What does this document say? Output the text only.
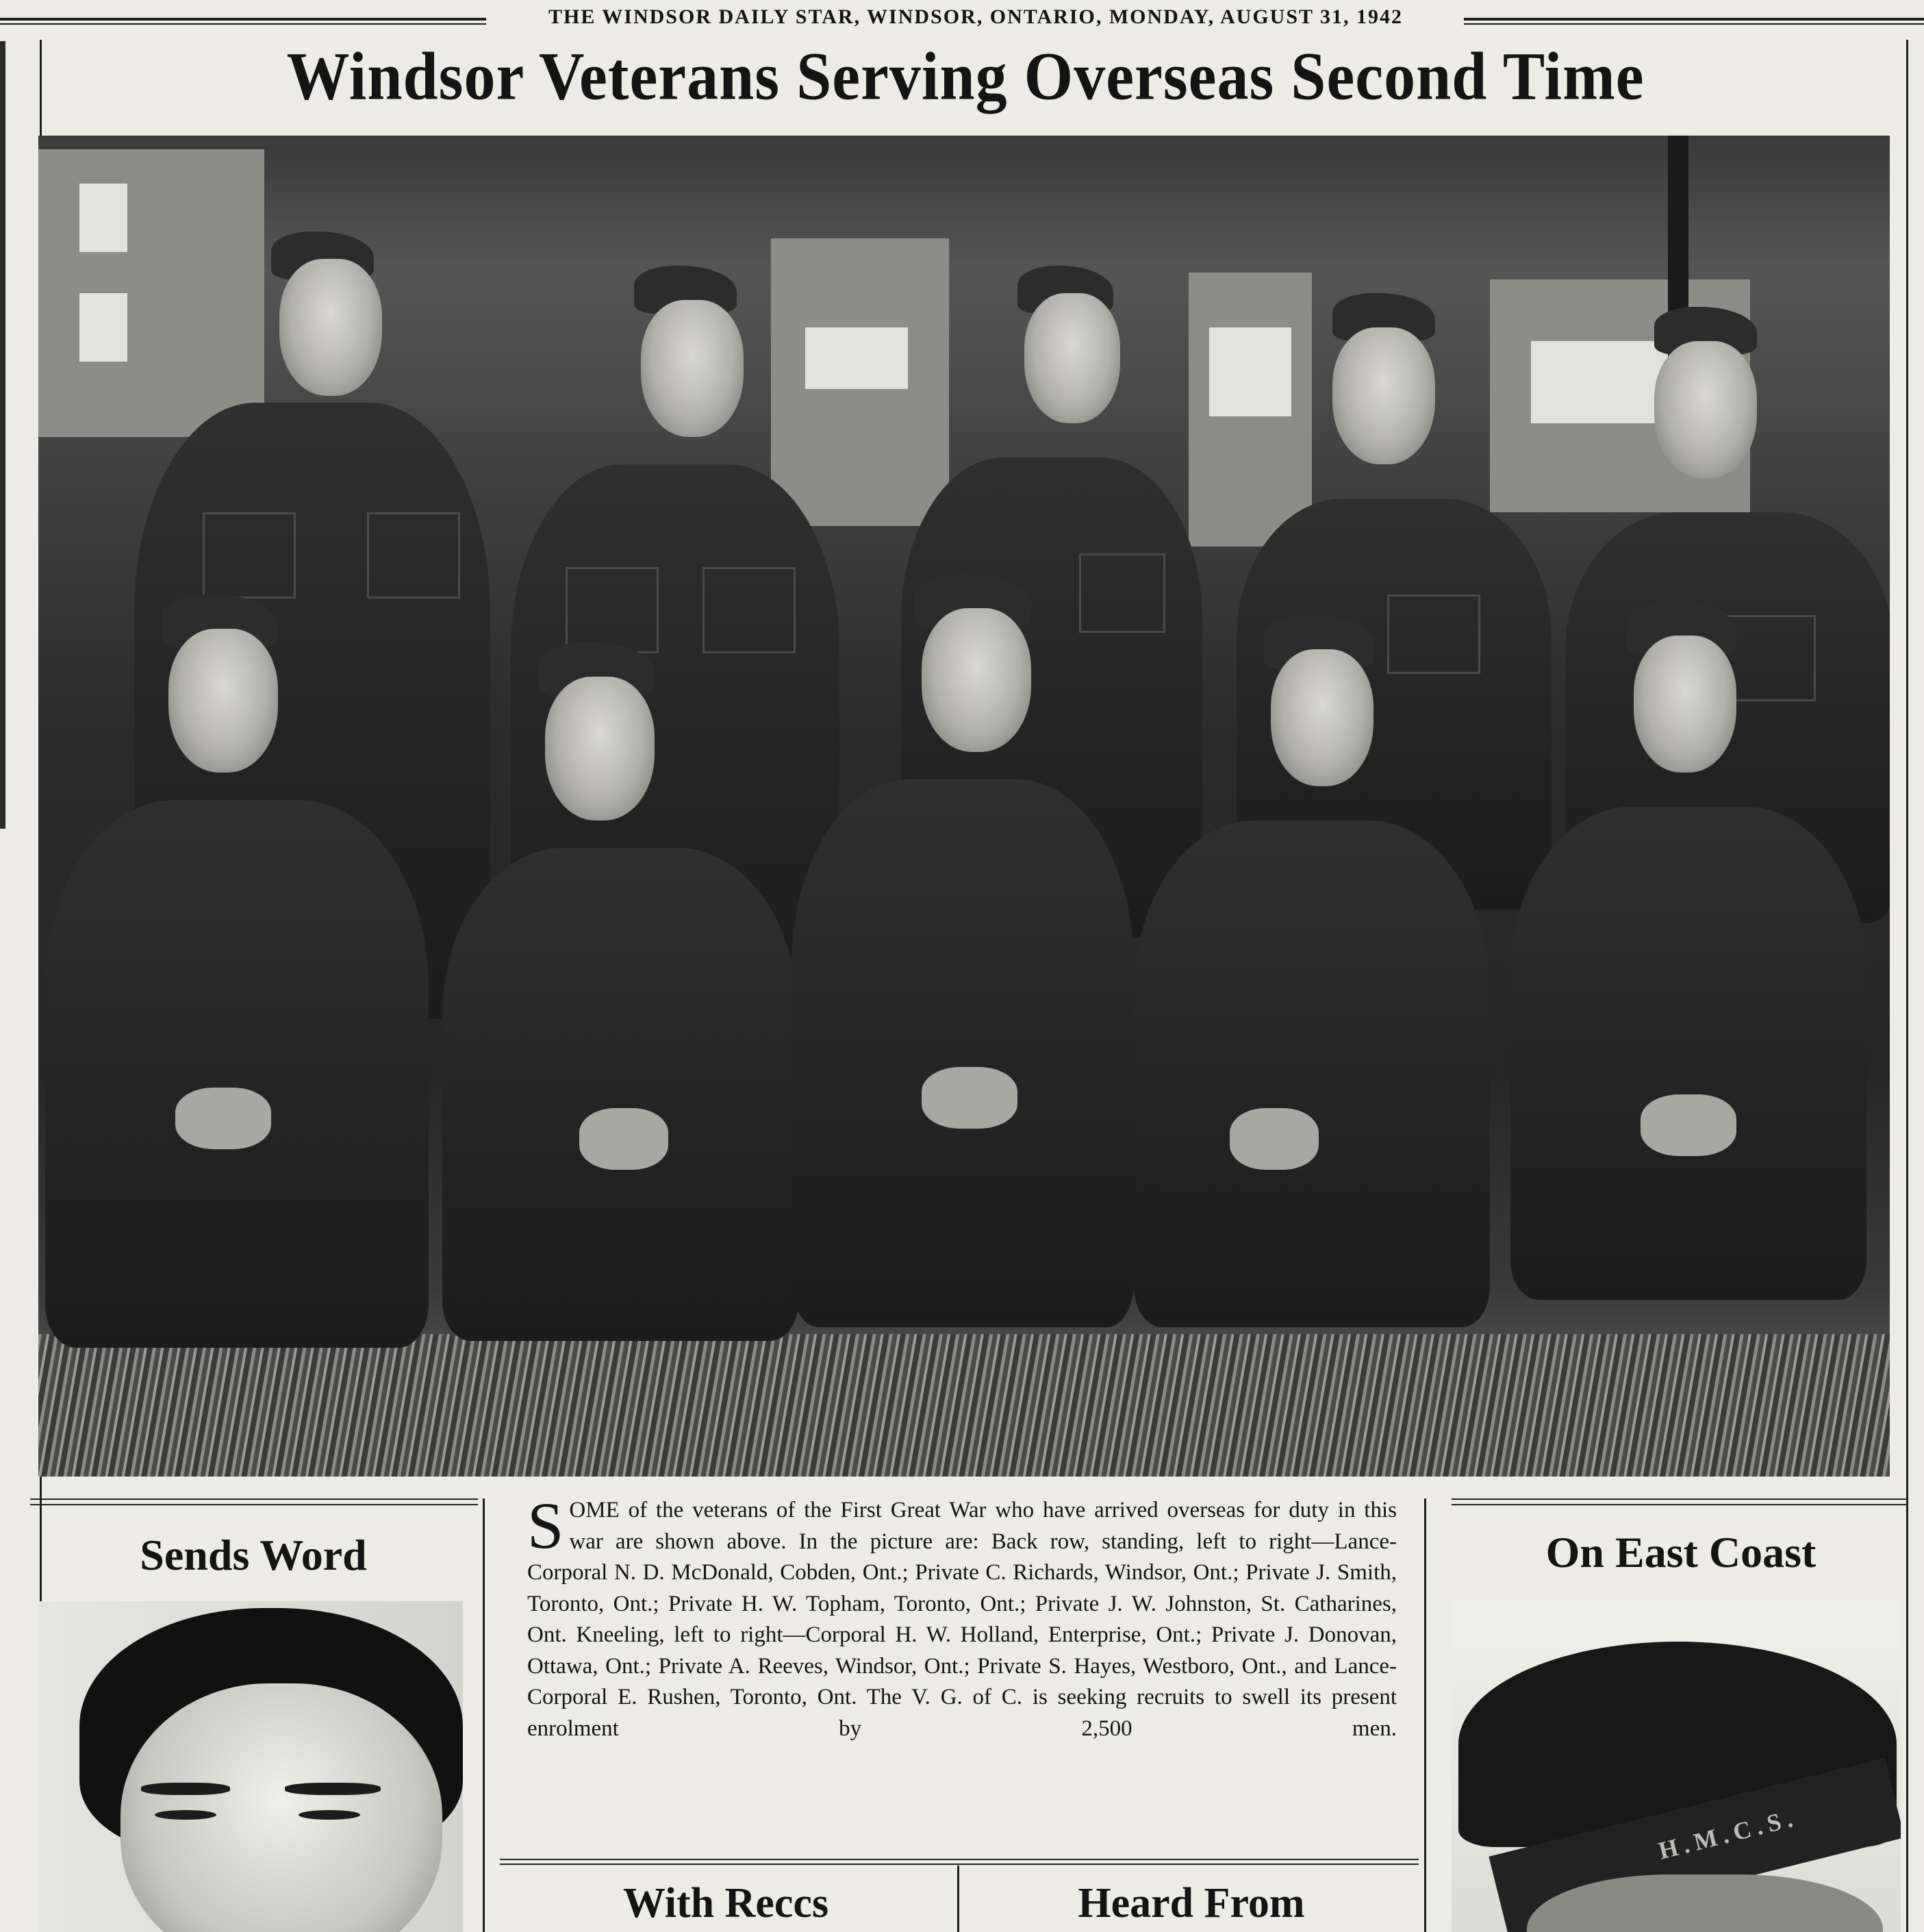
THE WINDSOR DAILY STAR, WINDSOR, ONTARIO, MONDAY, AUGUST 31, 1942
Windsor Veterans Serving Overseas Second Time
S OME of the veterans of the First Great War who have arrived overseas for duty in this war are shown above. In the picture are: Back row, standing, left to right—Lance-Corporal N. D. McDonald, Cobden, Ont.; Private C. Richards, Windsor, Ont.; Private J. Smith, Toronto, Ont.; Private H. W. Topham, Toronto, Ont.; Private J. W. Johnston, St. Catharines, Ont. Kneeling, left to right—Corporal H. W. Holland, Enterprise, Ont.; Private J. Donovan, Ottawa, Ont.; Private A. Reeves, Windsor, Ont.; Private S. Hayes, Westboro, Ont., and Lance-Corporal E. Rushen, Toronto, Ont. The V. G. of C. is seeking recruits to swell its present enrolment by 2,500 men.
Sends Word	On East Coast
H.M.C.S.
With Reccs	Heard From
